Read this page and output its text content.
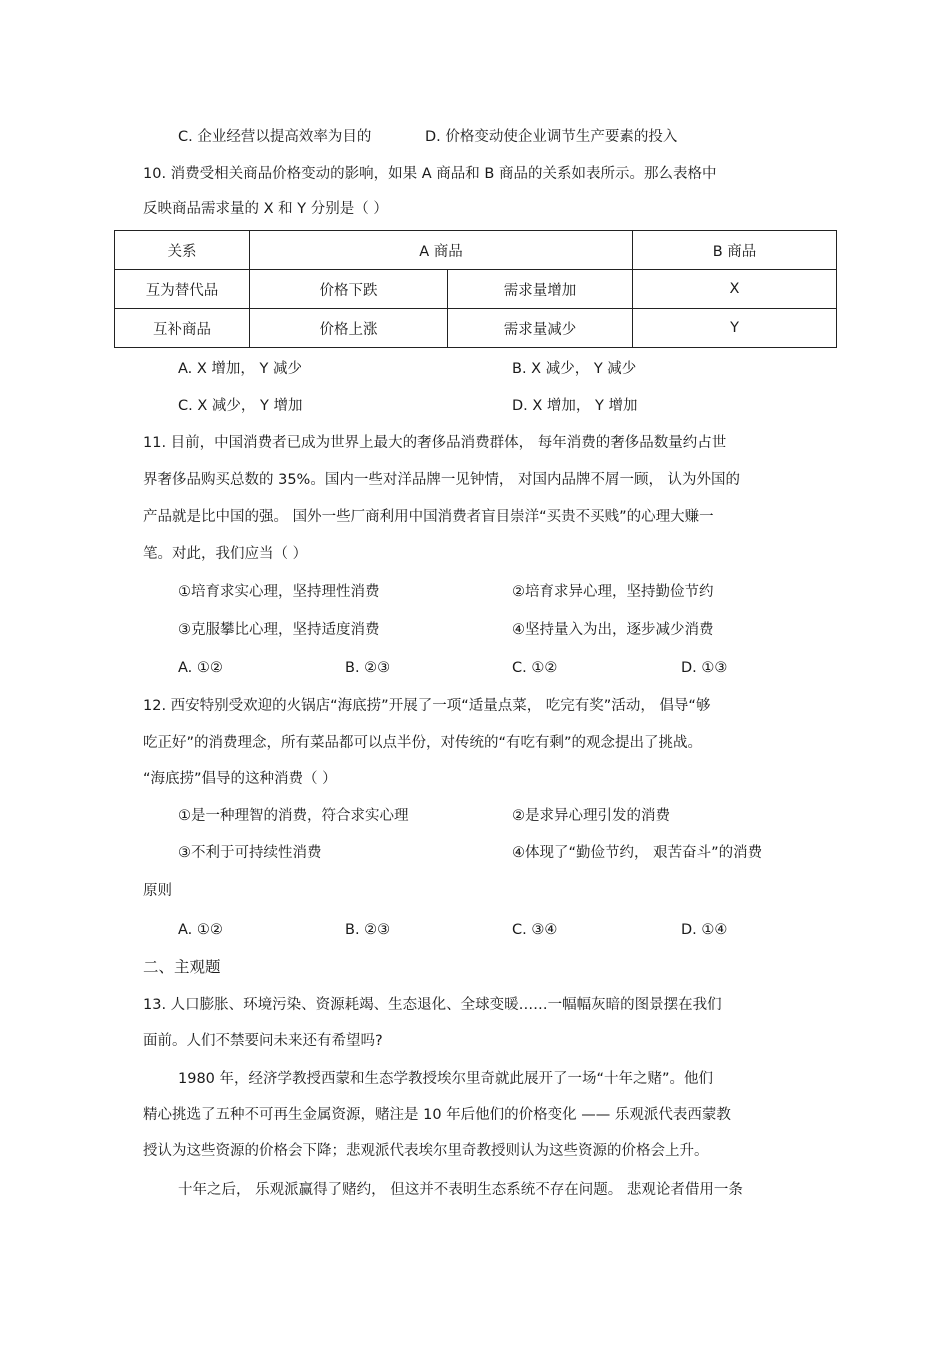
C. 企业经营以提高效率为目的	D. 价格变动使企业调节生产要素的投入
10. 消费受相关商品价格变动的影响，如果 A 商品和 B 商品的关系如表所示。那么表格中
反映商品需求量的 X 和 Y 分别是（ ）
关系	A 商品		B 商品
互为替代品	价格下跌	需求量增加	X
互补商品	价格上涨	需求量减少	Y
A. X 增加， Y 减少	B. X 减少， Y 减少
C. X 减少， Y 增加	D. X 增加， Y 增加
11. 目前，中国消费者已成为世界上最大的奢侈品消费群体， 每年消费的奢侈品数量约占世
界奢侈品购买总数的 35%。国内一些对洋品牌一见钟情， 对国内品牌不屑一顾， 认为外国的
产品就是比中国的强。 国外一些厂商利用中国消费者盲目崇洋“买贵不买贱”的心理大赚一
笔。对此，我们应当（ ）
①培育求实心理，坚持理性消费	②培育求异心理，坚持勤俭节约
③克服攀比心理，坚持适度消费	④坚持量入为出，逐步减少消费
A. ①②	B. ②③	C. ①②	D. ①③
12. 西安特别受欢迎的火锅店“海底捞”开展了一项“适量点菜， 吃完有奖”活动， 倡导“够
吃正好”的消费理念，所有菜品都可以点半份，对传统的“有吃有剩”的观念提出了挑战。
“海底捞”倡导的这种消费（ ）
①是一种理智的消费，符合求实心理	②是求异心理引发的消费
③不利于可持续性消费	④体现了“勤俭节约， 艰苦奋斗”的消费
原则
A. ①②	B. ②③	C. ③④	D. ①④
二、主观题
13. 人口膨胀、环境污染、资源耗竭、生态退化、全球变暖……一幅幅灰暗的图景摆在我们
面前。人们不禁要问未来还有希望吗?
1980 年，经济学教授西蒙和生态学教授埃尔里奇就此展开了一场“十年之赌”。他们
精心挑选了五种不可再生金属资源，赌注是 10 年后他们的价格变化 —— 乐观派代表西蒙教
授认为这些资源的价格会下降；悲观派代表埃尔里奇教授则认为这些资源的价格会上升。
十年之后， 乐观派赢得了赌约， 但这并不表明生态系统不存在问题。 悲观论者借用一条
